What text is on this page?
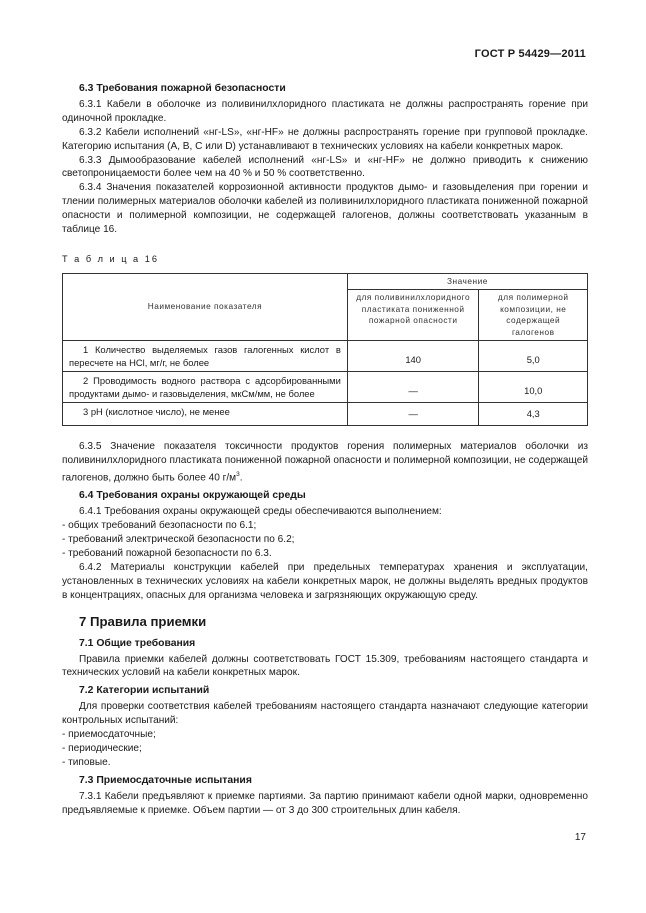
ГОСТ Р 54429—2011
6.3 Требования пожарной безопасности

6.3.1 Кабели в оболочке из поливинилхлоридного пластиката не должны распространять горение при одиночной прокладке.

6.3.2 Кабели исполнений «нг-LS», «нг-HF» не должны распространять горение при групповой прокладке. Категорию испытания (А, В, С или D) устанавливают в технических условиях на кабели конкретных марок.

6.3.3 Дымообразование кабелей исполнений «нг-LS» и «нг-HF» не должно приводить к снижению светопроницаемости более чем на 40 % и 50 % соответственно.

6.3.4 Значения показателей коррозионной активности продуктов дымо- и газовыделения при горении и тлении полимерных материалов оболочки кабелей из поливинилхлоридного пластиката пониженной пожарной опасности и полимерной композиции, не содержащей галогенов, должны соответствовать указанным в таблице 16.

Т а б л и ц а 16
Наименование показателя	Значение	
	для поливинилхлоридного пластиката пониженной пожарной опасности	для полимерной композиции, не содержащей галогенов

1 Количество выделяемых газов галогенных кислот в пересчете на HCl, мг/г, не более	140	5,0

2 Проводимость водного раствора с адсорбированными продуктами дымо- и газовыделения, мкСм/мм, не более	—	10,0

3 pH (кислотное число), не менее	—	4,3

6.3.5 Значение показателя токсичности продуктов горения полимерных материалов оболочки из поливинилхлоридного пластиката пониженной пожарной опасности и полимерной композиции, не содержащей галогенов, должно быть более 40 $г/м^3$.

6.4 Требования охраны окружающей среды

6.4.1 Требования охраны окружающей среды обеспечиваются выполнением:

- общих требований безопасности по 6.1;

- требований электрической безопасности по 6.2;

- требований пожарной безопасности по 6.3.

6.4.2 Материалы конструкции кабелей при предельных температурах хранения и эксплуатации, установленных в технических условиях на кабели конкретных марок, не должны выделять вредных продуктов в концентрациях, опасных для организма человека и загрязняющих окружающую среду.

7 Правила приемки
7.1 Общие требования

Правила приемки кабелей должны соответствовать ГОСТ 15.309, требованиям настоящего стандарта и технических условий на кабели конкретных марок.

7.2 Категории испытаний

Для проверки соответствия кабелей требованиям настоящего стандарта назначают следующие категории контрольных испытаний:

- приемосдаточные;

- периодические;

- типовые.

7.3 Приемосдаточные испытания

7.3.1 Кабели предъявляют к приемке партиями. За партию принимают кабели одной марки, одновременно предъявляемые к приемке. Объем партии — от 3 до 300 строительных длин кабеля.

17
